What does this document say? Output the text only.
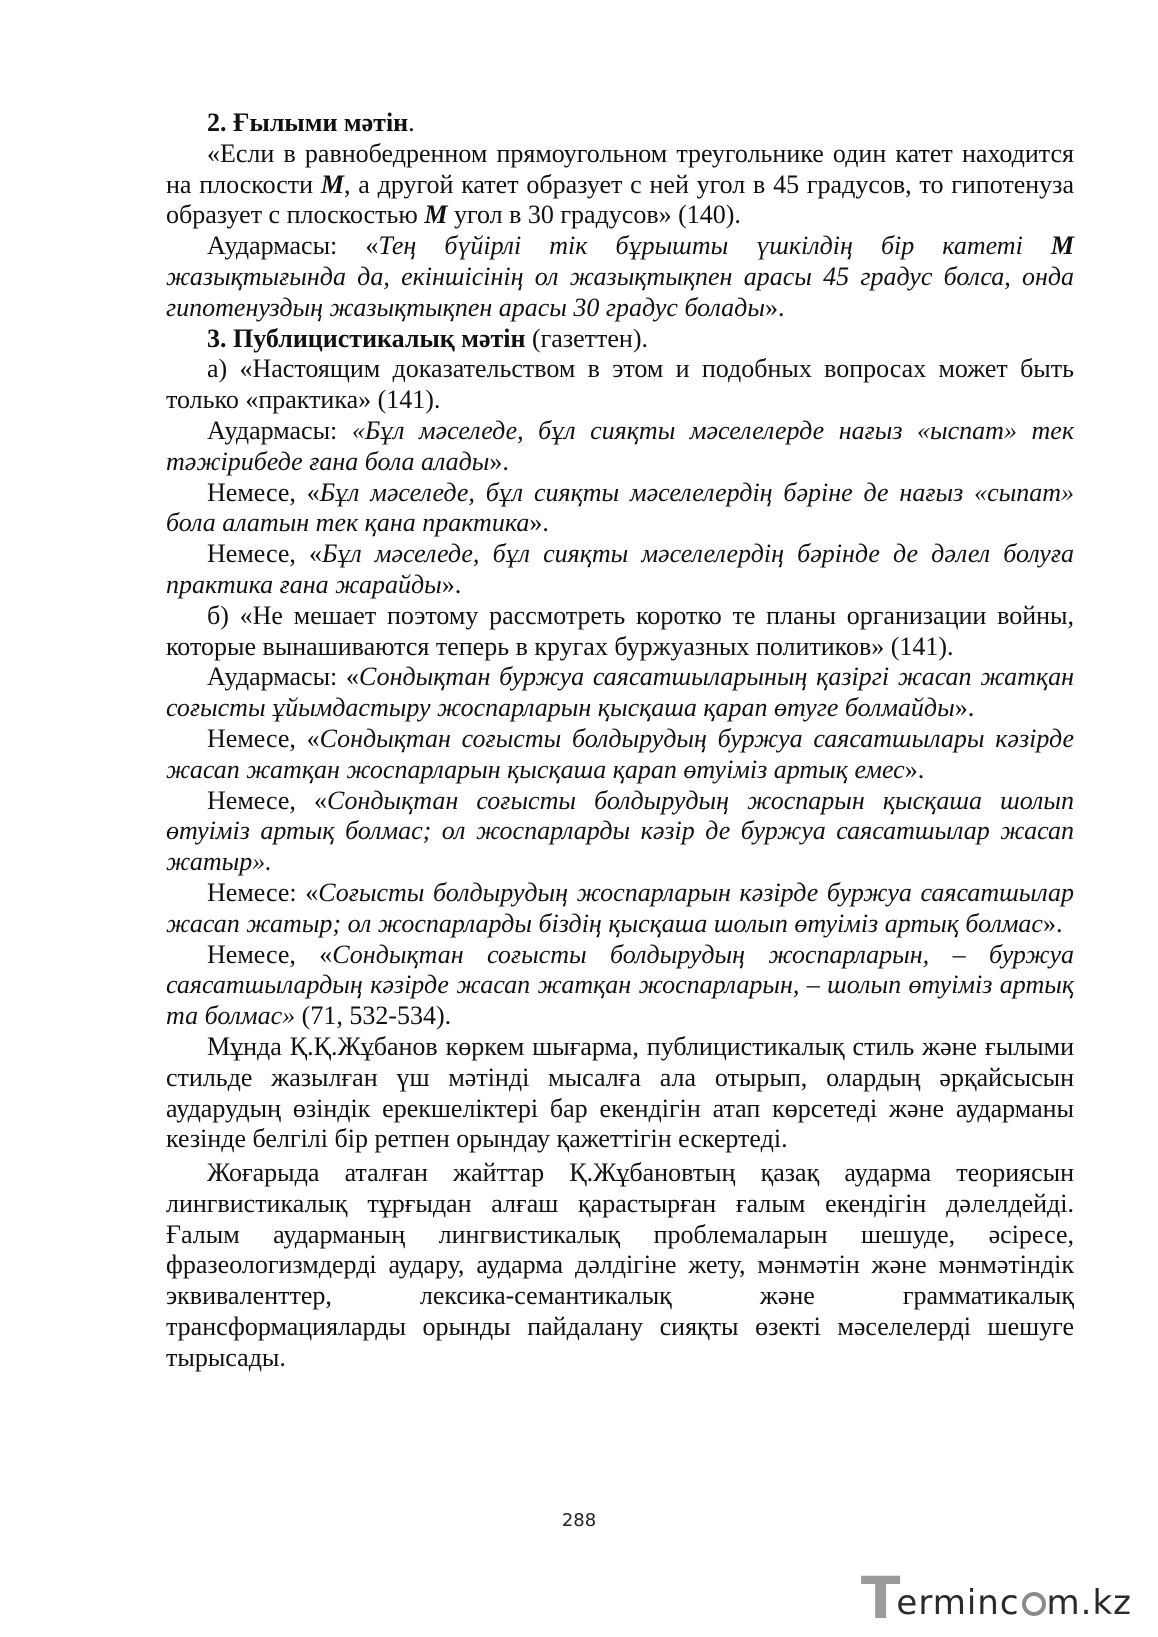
2. Ғылыми мәтін.

«Если в равнобедренном прямоугольном треугольнике один катет находится на плоскости M, а другой катет образует с ней угол в 45 градусов, то гипотенуза образует с плоскостью M угол в 30 градусов» (140).

Аудармасы: «Тең бүйірлі тік бұрышты үшкілдің бір катеті M жазықтығында да, екіншісінің ол жазықтықпен арасы 45 градус болса, онда гипотенуздың жазықтықпен арасы 30 градус болады».

3. Публицистикалық мәтін (газеттен).

а) «Настоящим доказательством в этом и подобных вопросах может быть только «практика» (141).

Аудармасы: «Бұл мәселеде, бұл сияқты мәселелерде нағыз «ыспат» тек тәжірибеде ғана бола алады».

Немесе, «Бұл мәселеде, бұл сияқты мәселелердің бәріне де нағыз «сыпат» бола алатын тек қана практика».

Немесе, «Бұл мәселеде, бұл сияқты мәселелердің бәрінде де дәлел болуға практика ғана жарайды».

б) «Не мешает поэтому рассмотреть коротко те планы организации войны, которые вынашиваются теперь в кругах буржуазных политиков» (141).

Аудармасы: «Сондықтан буржуа саясатшыларының қазіргі жасап жатқан соғысты ұйымдастыру жоспарларын қысқаша қарап өтуге болмайды».

Немесе, «Сондықтан соғысты болдырудың буржуа саясатшылары кәзірде жасап жатқан жоспарларын қысқаша қарап өтуіміз артық емес».

Немесе, «Сондықтан соғысты болдырудың жоспарын қысқаша шолып өтуіміз артық болмас; ол жоспарларды кәзір де буржуа саясатшылар жасап жатыр».

Немесе: «Соғысты болдырудың жоспарларын кәзірде буржуа саясатшылар жасап жатыр; ол жоспарларды біздің қысқаша шолып өтуіміз артық болмас».

Немесе, «Сондықтан соғысты болдырудың жоспарларын, – буржуа саясатшылардың кәзірде жасап жатқан жоспарларын, – шолып өтуіміз артық та болмас» (71, 532-534).

Мұнда Қ.Қ.Жұбанов көркем шығарма, публицистикалық стиль және ғылыми стильде жазылған үш мәтінді мысалға ала отырып, олардың әрқайсысын аударудың өзіндік ерекшеліктері бар екендігін атап көрсетеді және аударманы кезінде белгілі бір ретпен орындау қажеттігін ескертеді.

Жоғарыда аталған жайттар Қ.Жұбановтың қазақ аударма теориясын лингвистикалық тұрғыдан алғаш қарастырған ғалым екендігін дәлелдейді. Ғалым аударманың лингвистикалық проблемаларын шешуде, әсіресе, фразеологизмдерді аудару, аударма дәлдігіне жету, мәнмәтін және мәнмәтіндік эквиваленттер, лексика-семантикалық және грамматикалық трансформацияларды орынды пайдалану сияқты өзекті мәселелерді шешуге тырысады.

288
T
erminc m.kz
